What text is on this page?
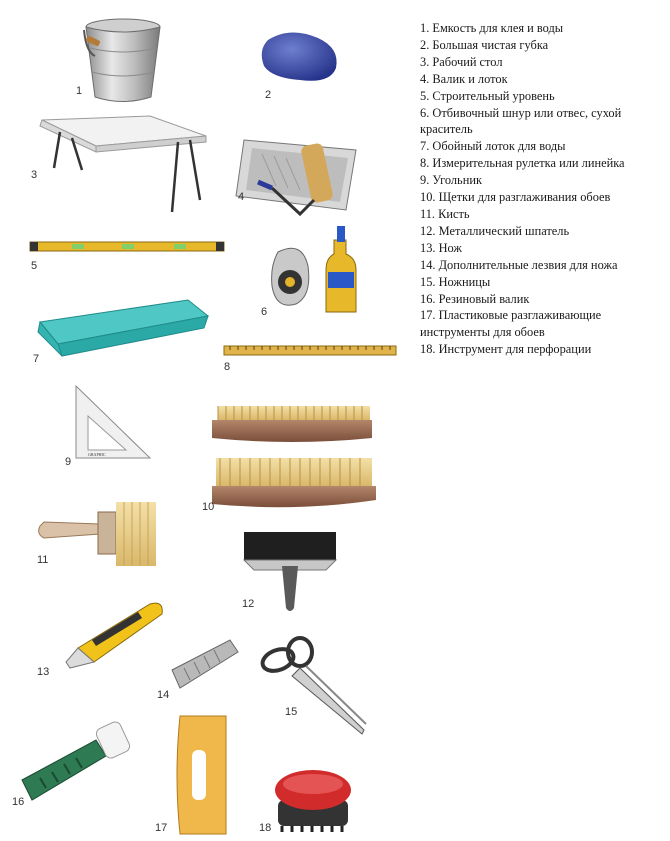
GRAPHIC
1	2
3
4
5
6
7
8
9
10
11
12
13
14
15
16
17	18
1. Емкость для клея и воды
2. Большая чистая губка
3. Рабочий стол
4. Валик и лоток
5. Строительный уровень
6. Отбивочный шнур или отвес, сухой краситель
7. Обойный лоток для воды
8. Измерительная рулетка или линейка
9. Угольник
10. Щетки для разглаживания обоев
11. Кисть
12. Металлический шпатель
13. Нож
14. Дополнительные лезвия для ножа
15. Ножницы
16. Резиновый валик
17. Пластиковые разглаживающие инструменты для обоев
18. Инструмент для перфорации
